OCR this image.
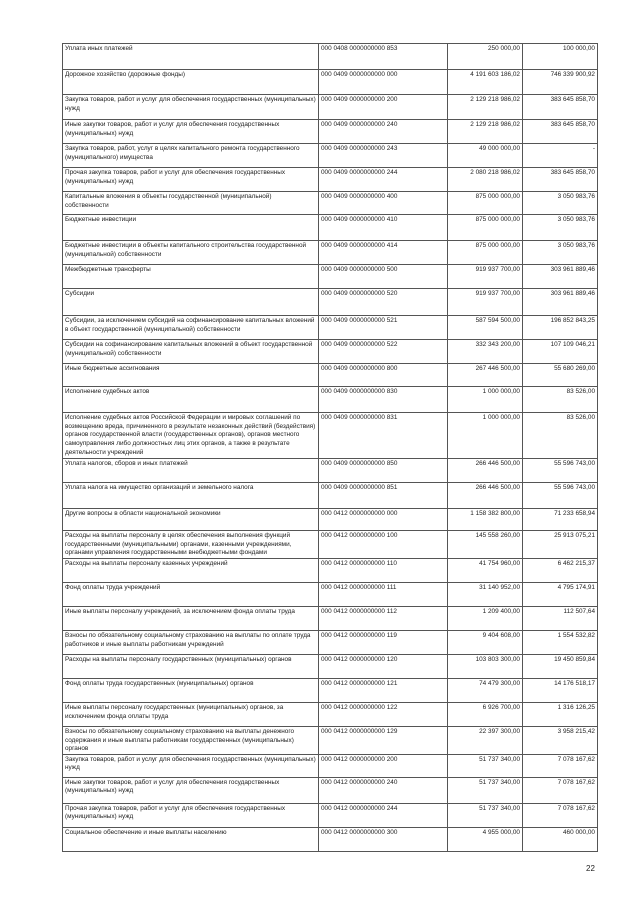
Уплата иных платежей	000 0408 0000000000 853	250 000,00	100 000,00
Дорожное хозяйство (дорожные фонды)	000 0409 0000000000 000	4 191 603 186,02	746 339 900,92
Закупка товаров, работ и услуг для обеспечения государственных (муниципальных) нужд	000 0409 0000000000 200	2 129 218 986,02	383 645 858,70
Иные закупки товаров, работ и услуг для обеспечения государственных (муниципальных) нужд	000 0409 0000000000 240	2 129 218 986,02	383 645 858,70
Закупка товаров, работ, услуг в целях капитального ремонта государственного (муниципального) имущества	000 0409 0000000000 243	49 000 000,00	-
Прочая закупка товаров, работ и услуг для обеспечения государственных (муниципальных) нужд	000 0409 0000000000 244	2 080 218 986,02	383 645 858,70
Капитальные вложения в объекты государственной (муниципальной) собственности	000 0409 0000000000 400	875 000 000,00	3 050 983,76
Бюджетные инвестиции	000 0409 0000000000 410	875 000 000,00	3 050 983,76
Бюджетные инвестиции в объекты капитального строительства государственной (муниципальной) собственности	000 0409 0000000000 414	875 000 000,00	3 050 983,76
Межбюджетные трансферты	000 0409 0000000000 500	919 937 700,00	303 961 889,46
Субсидии	000 0409 0000000000 520	919 937 700,00	303 961 889,46
Субсидии, за исключением субсидий на софинансирование капитальных вложений в объект государственной (муниципальной) собственности	000 0409 0000000000 521	587 594 500,00	196 852 843,25
Субсидии на софинансирование капитальных вложений в объект государственной (муниципальной) собственности	000 0409 0000000000 522	332 343 200,00	107 109 046,21
Иные бюджетные ассигнования	000 0409 0000000000 800	267 446 500,00	55 680 269,00
Исполнение судебных актов	000 0409 0000000000 830	1 000 000,00	83 526,00
Исполнение судебных актов Российской Федерации и мировых соглашений по возмещению вреда, причиненного в результате незаконных действий (бездействия) органов государственной власти (государственных органов), органов местного самоуправления либо должностных лиц этих органов, а также в результате деятельности учреждений	000 0409 0000000000 831	1 000 000,00	83 526,00
Уплата налогов, сборов и иных платежей	000 0409 0000000000 850	266 446 500,00	55 596 743,00
Уплата налога на имущество организаций и земельного налога	000 0409 0000000000 851	266 446 500,00	55 596 743,00
Другие вопросы в области национальной экономики	000 0412 0000000000 000	1 158 382 800,00	71 233 658,94
Расходы на выплаты персоналу в целях обеспечения выполнения функций государственными (муниципальными) органами, казенными учреждениями, органами управления государственными внебюджетными фондами	000 0412 0000000000 100	145 558 260,00	25 913 075,21
Расходы на выплаты персоналу казенных учреждений	000 0412 0000000000 110	41 754 960,00	6 462 215,37
Фонд оплаты труда учреждений	000 0412 0000000000 111	31 140 952,00	4 795 174,91
Иные выплаты персоналу учреждений, за исключением фонда оплаты труда	000 0412 0000000000 112	1 209 400,00	112 507,64
Взносы по обязательному социальному страхованию на выплаты по оплате труда работников и иные выплаты работникам учреждений	000 0412 0000000000 119	9 404 608,00	1 554 532,82
Расходы на выплаты персоналу государственных (муниципальных) органов	000 0412 0000000000 120	103 803 300,00	19 450 859,84
Фонд оплаты труда государственных (муниципальных) органов	000 0412 0000000000 121	74 479 300,00	14 176 518,17
Иные выплаты персоналу государственных (муниципальных) органов, за исключением фонда оплаты труда	000 0412 0000000000 122	6 926 700,00	1 316 126,25
Взносы по обязательному социальному страхованию на выплаты денежного содержания и иные выплаты работникам государственных (муниципальных) органов	000 0412 0000000000 129	22 397 300,00	3 958 215,42
Закупка товаров, работ и услуг для обеспечения государственных (муниципальных) нужд	000 0412 0000000000 200	51 737 340,00	7 078 167,62
Иные закупки товаров, работ и услуг для обеспечения государственных (муниципальных) нужд	000 0412 0000000000 240	51 737 340,00	7 078 167,62
Прочая закупка товаров, работ и услуг для обеспечения государственных (муниципальных) нужд	000 0412 0000000000 244	51 737 340,00	7 078 167,62
Социальное обеспечение и иные выплаты населению	000 0412 0000000000 300	4 955 000,00	460 000,00
22
